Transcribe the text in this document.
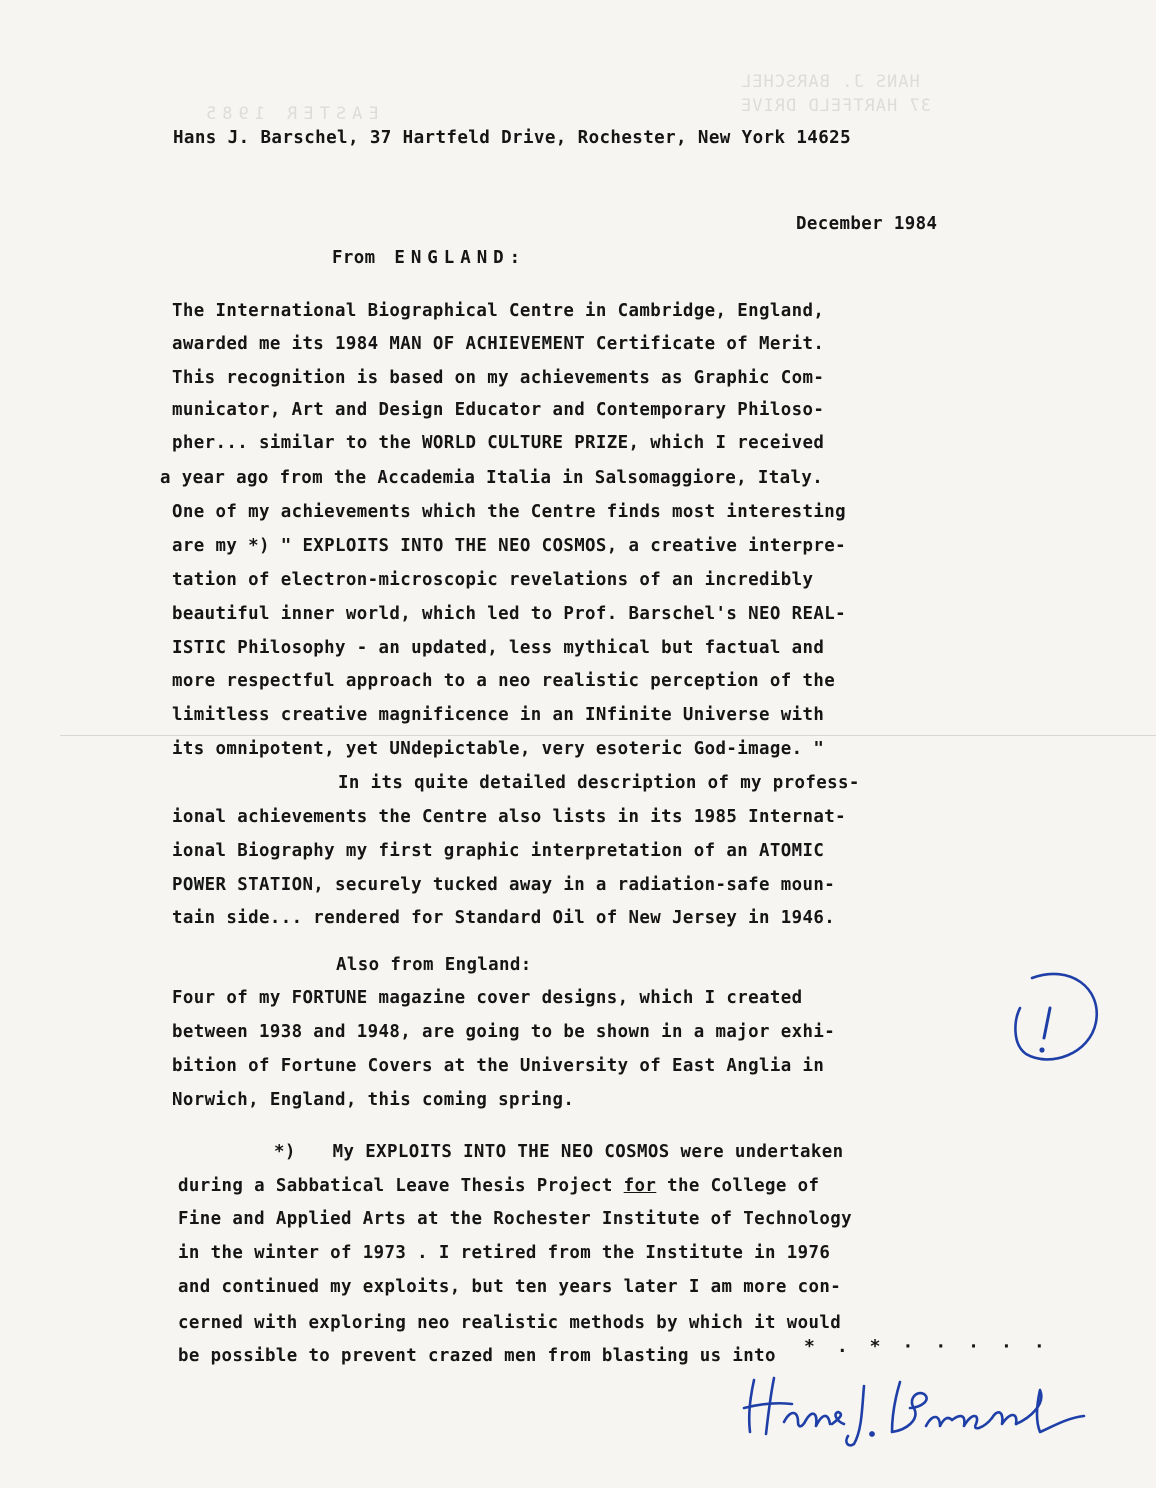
HANS J. BARSCHEL
37 HARTFELD DRIVE
EASTER 1985
Hans J. Barschel, 37 Hartfeld Drive, Rochester, New York 14625
December 1984
From ENGLAND:
The International Biographical Centre in Cambridge, England,
awarded me its 1984 MAN OF ACHIEVEMENT Certificate of Merit.
This recognition is based on my achievements as Graphic Com-
municator, Art and Design Educator and Contemporary Philoso-
pher... similar to the WORLD CULTURE PRIZE, which I received
a year ago from the Accademia Italia in Salsomaggiore, Italy.
One of my achievements which the Centre finds most interesting
are my *) " EXPLOITS INTO THE NEO COSMOS, a creative interpre-
tation of electron-microscopic revelations of an incredibly
beautiful inner world, which led to Prof. Barschel's NEO REAL-
ISTIC Philosophy - an updated, less mythical but factual and
more respectful approach to a neo realistic perception of the
limitless creative magnificence in an INfinite Universe with
its omnipotent, yet UNdepictable, very esoteric God-image. "
In its quite detailed description of my profess-
ional achievements the Centre also lists in its 1985 Internat-
ional Biography my first graphic interpretation of an ATOMIC
POWER STATION, securely tucked away in a radiation-safe moun-
tain side... rendered for Standard Oil of New Jersey in 1946.
Also from England:
Four of my FORTUNE magazine cover designs, which I created
between 1938 and 1948, are going to be shown in a major exhi-
bition of Fortune Covers at the University of East Anglia in
Norwich, England, this coming spring.
*) My EXPLOITS INTO THE NEO COSMOS were undertaken
during a Sabbatical Leave Thesis Project for the College of
Fine and Applied Arts at the Rochester Institute of Technology
in the winter of 1973 . I retired from the Institute in 1976
and continued my exploits, but ten years later I am more con-
cerned with exploring neo realistic methods by which it would
be possible to prevent crazed men from blasting us into *.*·····
